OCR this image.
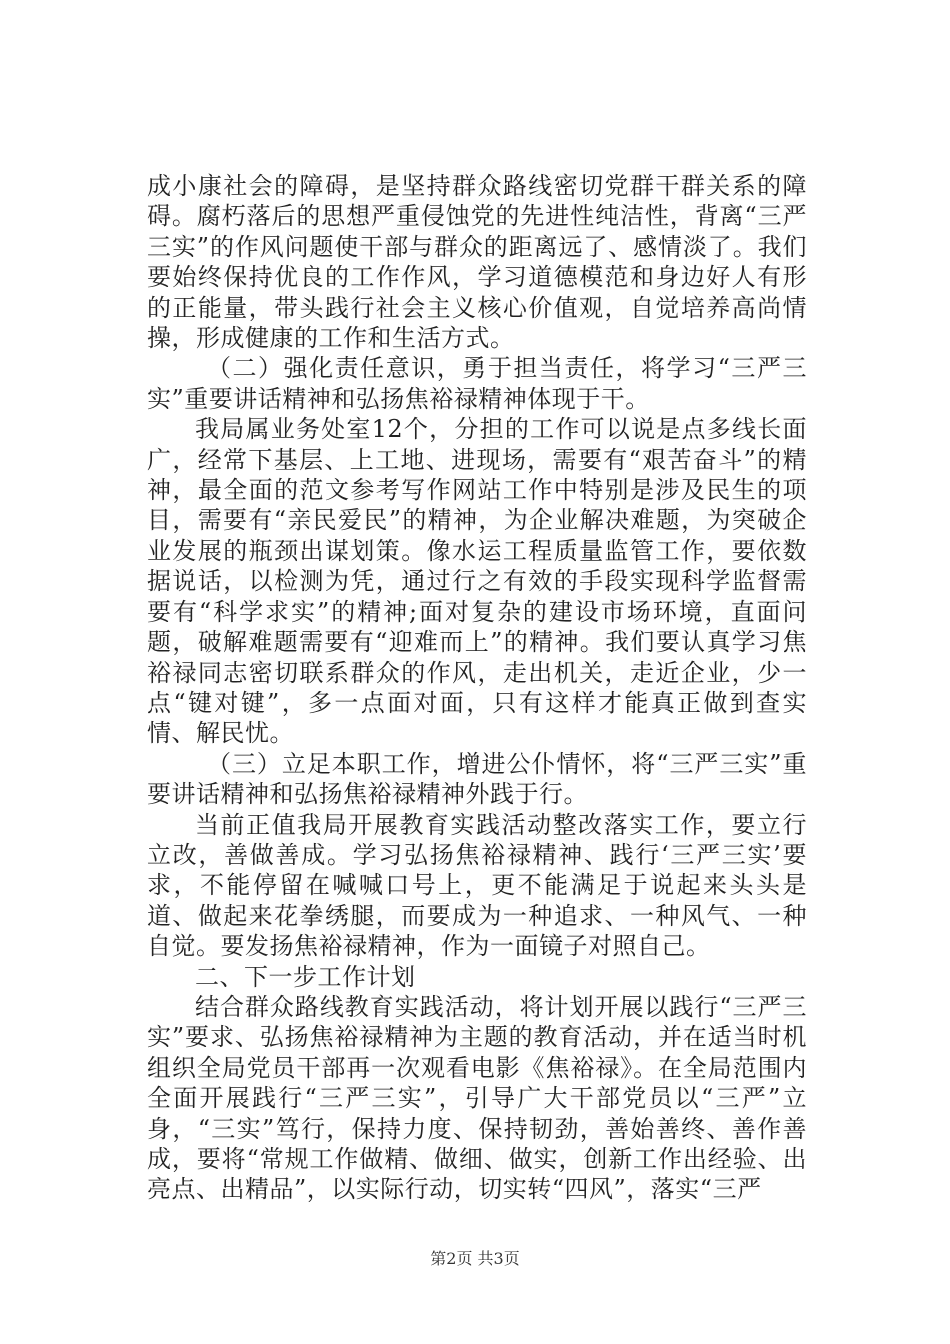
成小康社会的障碍，是坚持群众路线密切党群干群关系的障碍。腐朽落后的思想严重侵蚀党的先进性纯洁性，背离“三严三实”的作风问题使干部与群众的距离远了、感情淡了。我们要始终保持优良的工作作风，学习道德模范和身边好人有形的正能量，带头践行社会主义核心价值观，自觉培养高尚情操，形成健康的工作和生活方式。

（二）强化责任意识，勇于担当责任，将学习“三严三实”重要讲话精神和弘扬焦裕禄精神体现于干。

我局属业务处室12个，分担的工作可以说是点多线长面广，经常下基层、上工地、进现场，需要有“艰苦奋斗”的精神，最全面的范文参考写作网站工作中特别是涉及民生的项目，需要有“亲民爱民”的精神，为企业解决难题，为突破企业发展的瓶颈出谋划策。像水运工程质量监管工作，要依数据说话，以检测为凭，通过行之有效的手段实现科学监督需要有“科学求实”的精神;面对复杂的建设市场环境，直面问题，破解难题需要有“迎难而上”的精神。我们要认真学习焦裕禄同志密切联系群众的作风，走出机关，走近企业，少一点“键对键”，多一点面对面，只有这样才能真正做到查实情、解民忧。

（三）立足本职工作，增进公仆情怀，将“三严三实”重要讲话精神和弘扬焦裕禄精神外践于行。

当前正值我局开展教育实践活动整改落实工作，要立行立改，善做善成。学习弘扬焦裕禄精神、践行‘三严三实’要求，不能停留在喊喊口号上，更不能满足于说起来头头是道、做起来花拳绣腿，而要成为一种追求、一种风气、一种自觉。要发扬焦裕禄精神，作为一面镜子对照自己。

二、下一步工作计划

结合群众路线教育实践活动，将计划开展以践行“三严三实”要求、弘扬焦裕禄精神为主题的教育活动，并在适当时机组织全局党员干部再一次观看电影《焦裕禄》。在全局范围内全面开展践行“三严三实”，引导广大干部党员以“三严”立身，“三实”笃行，保持力度、保持韧劲，善始善终、善作善成，要将“常规工作做精、做细、做实，创新工作出经验、出亮点、出精品”，以实际行动，切实转“四风”，落实“三严

第2页 共3页
